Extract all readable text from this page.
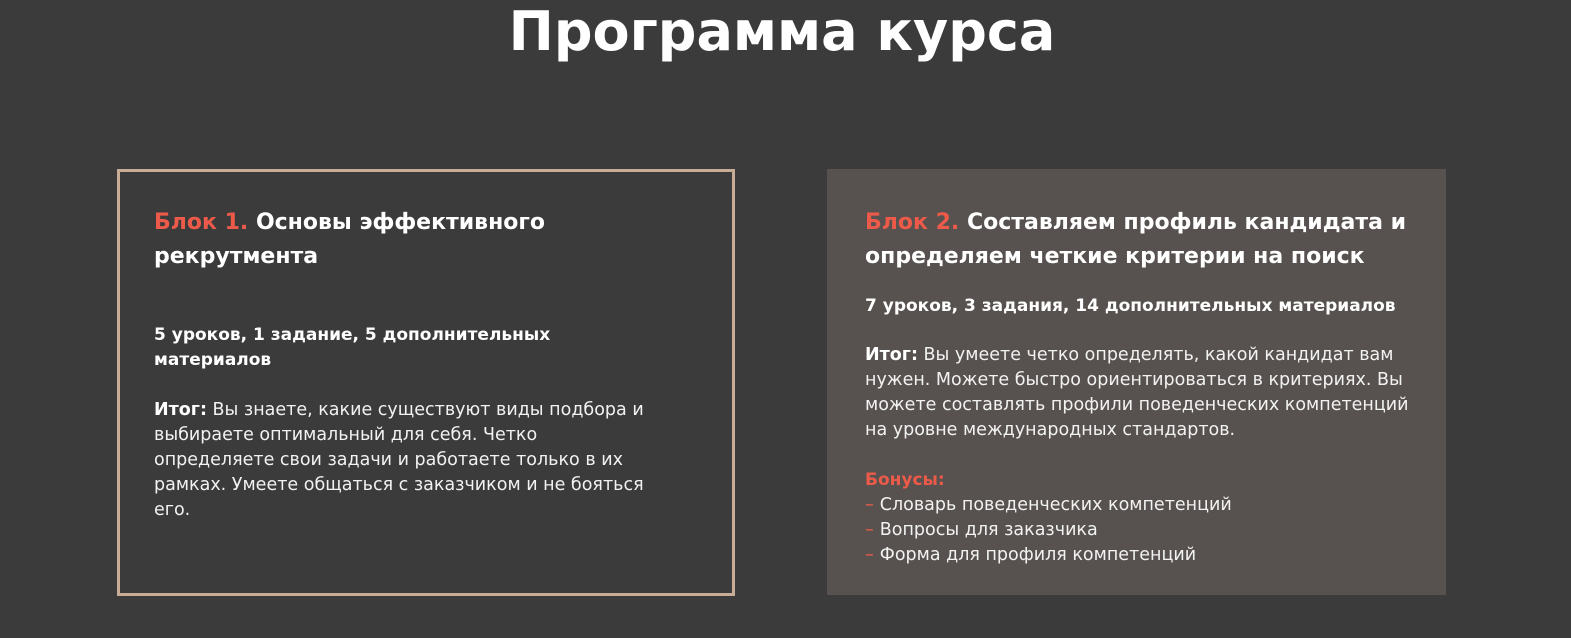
Программа курса
Блок 1. Основы эффективного рекрутмента

5 уроков, 1 задание, 5 дополнительных материалов

Итог: Вы знаете, какие существуют виды подбора и выбираете оптимальный для себя. Четко определяете свои задачи и работаете только в их рамках. Умеете общаться с заказчиком и не бояться его.

Блок 2. Составляем профиль кандидата и определяем четкие критерии на поиск

7 уроков, 3 задания, 14 дополнительных материалов

Итог: Вы умеете четко определять, какой кандидат вам нужен. Можете быстро ориентироваться в критериях. Вы можете составлять профили поведенческих компетенций на уровне международных стандартов.

Бонусы:

– Словарь поведенческих компетенций
– Вопросы для заказчика
– Форма для профиля компетенций
